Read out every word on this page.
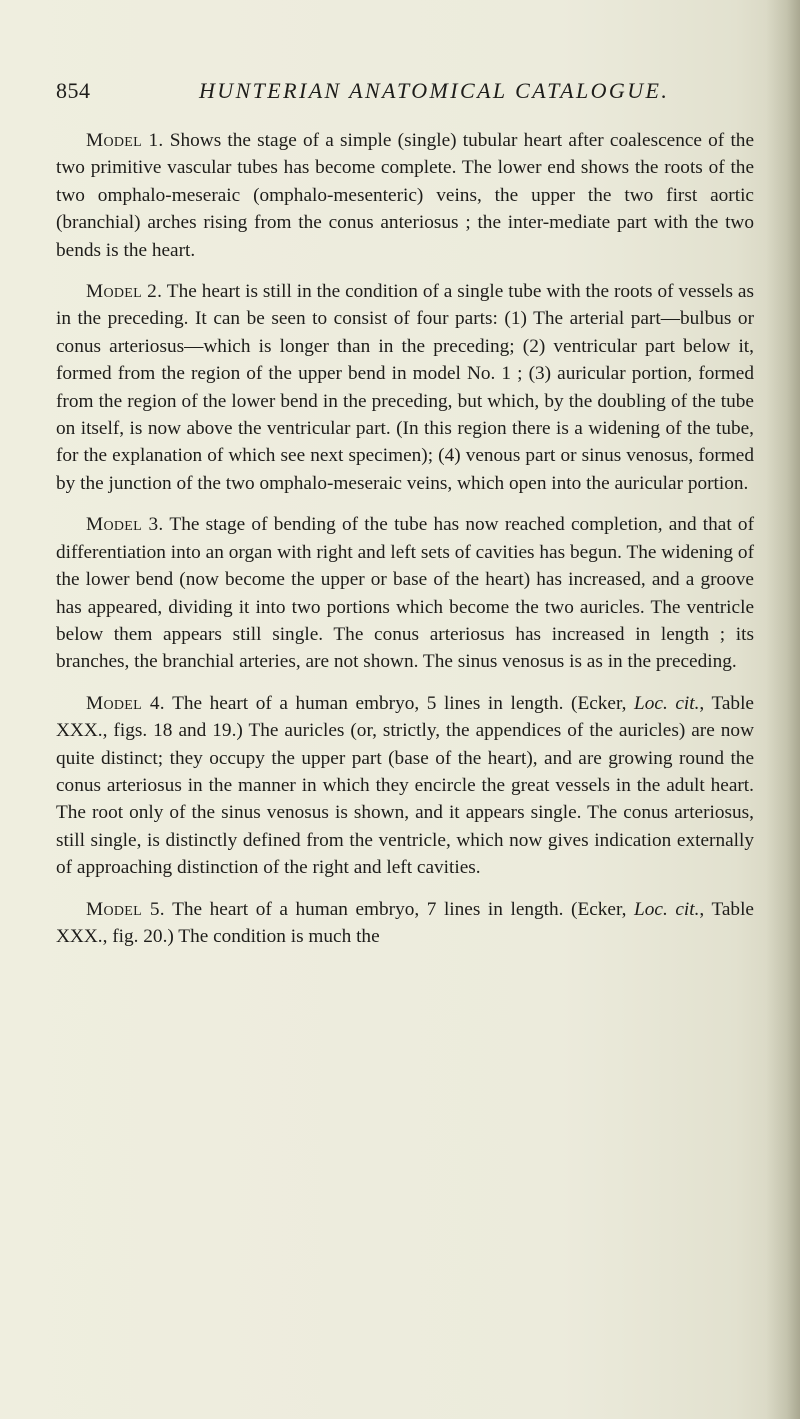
854	HUNTERIAN ANATOMICAL CATALOGUE.

Model 1. Shows the stage of a simple (single) tubular heart after coalescence of the two primitive vascular tubes has become complete. The lower end shows the roots of the two omphalo-meseraic (omphalo-mesenteric) veins, the upper the two first aortic (branchial) arches rising from the conus anteriosus ; the inter-mediate part with the two bends is the heart.

Model 2. The heart is still in the condition of a single tube with the roots of vessels as in the preceding. It can be seen to consist of four parts: (1) The arterial part—bulbus or conus arteriosus—which is longer than in the preceding; (2) ventricular part below it, formed from the region of the upper bend in model No. 1 ; (3) auricular portion, formed from the region of the lower bend in the preceding, but which, by the doubling of the tube on itself, is now above the ventricular part. (In this region there is a widening of the tube, for the explanation of which see next specimen); (4) venous part or sinus venosus, formed by the junction of the two omphalo-meseraic veins, which open into the auricular portion.

Model 3. The stage of bending of the tube has now reached completion, and that of differentiation into an organ with right and left sets of cavities has begun. The widening of the lower bend (now become the upper or base of the heart) has increased, and a groove has appeared, dividing it into two portions which become the two auricles. The ventricle below them appears still single. The conus arteriosus has increased in length ; its branches, the branchial arteries, are not shown. The sinus venosus is as in the preceding.

Model 4. The heart of a human embryo, 5 lines in length. (Ecker, Loc. cit., Table XXX., figs. 18 and 19.) The auricles (or, strictly, the appendices of the auricles) are now quite distinct; they occupy the upper part (base of the heart), and are growing round the conus arteriosus in the manner in which they encircle the great vessels in the adult heart. The root only of the sinus venosus is shown, and it appears single. The conus arteriosus, still single, is distinctly defined from the ventricle, which now gives indication externally of approaching distinction of the right and left cavities.

Model 5. The heart of a human embryo, 7 lines in length. (Ecker, Loc. cit., Table XXX., fig. 20.) The condition is much the
